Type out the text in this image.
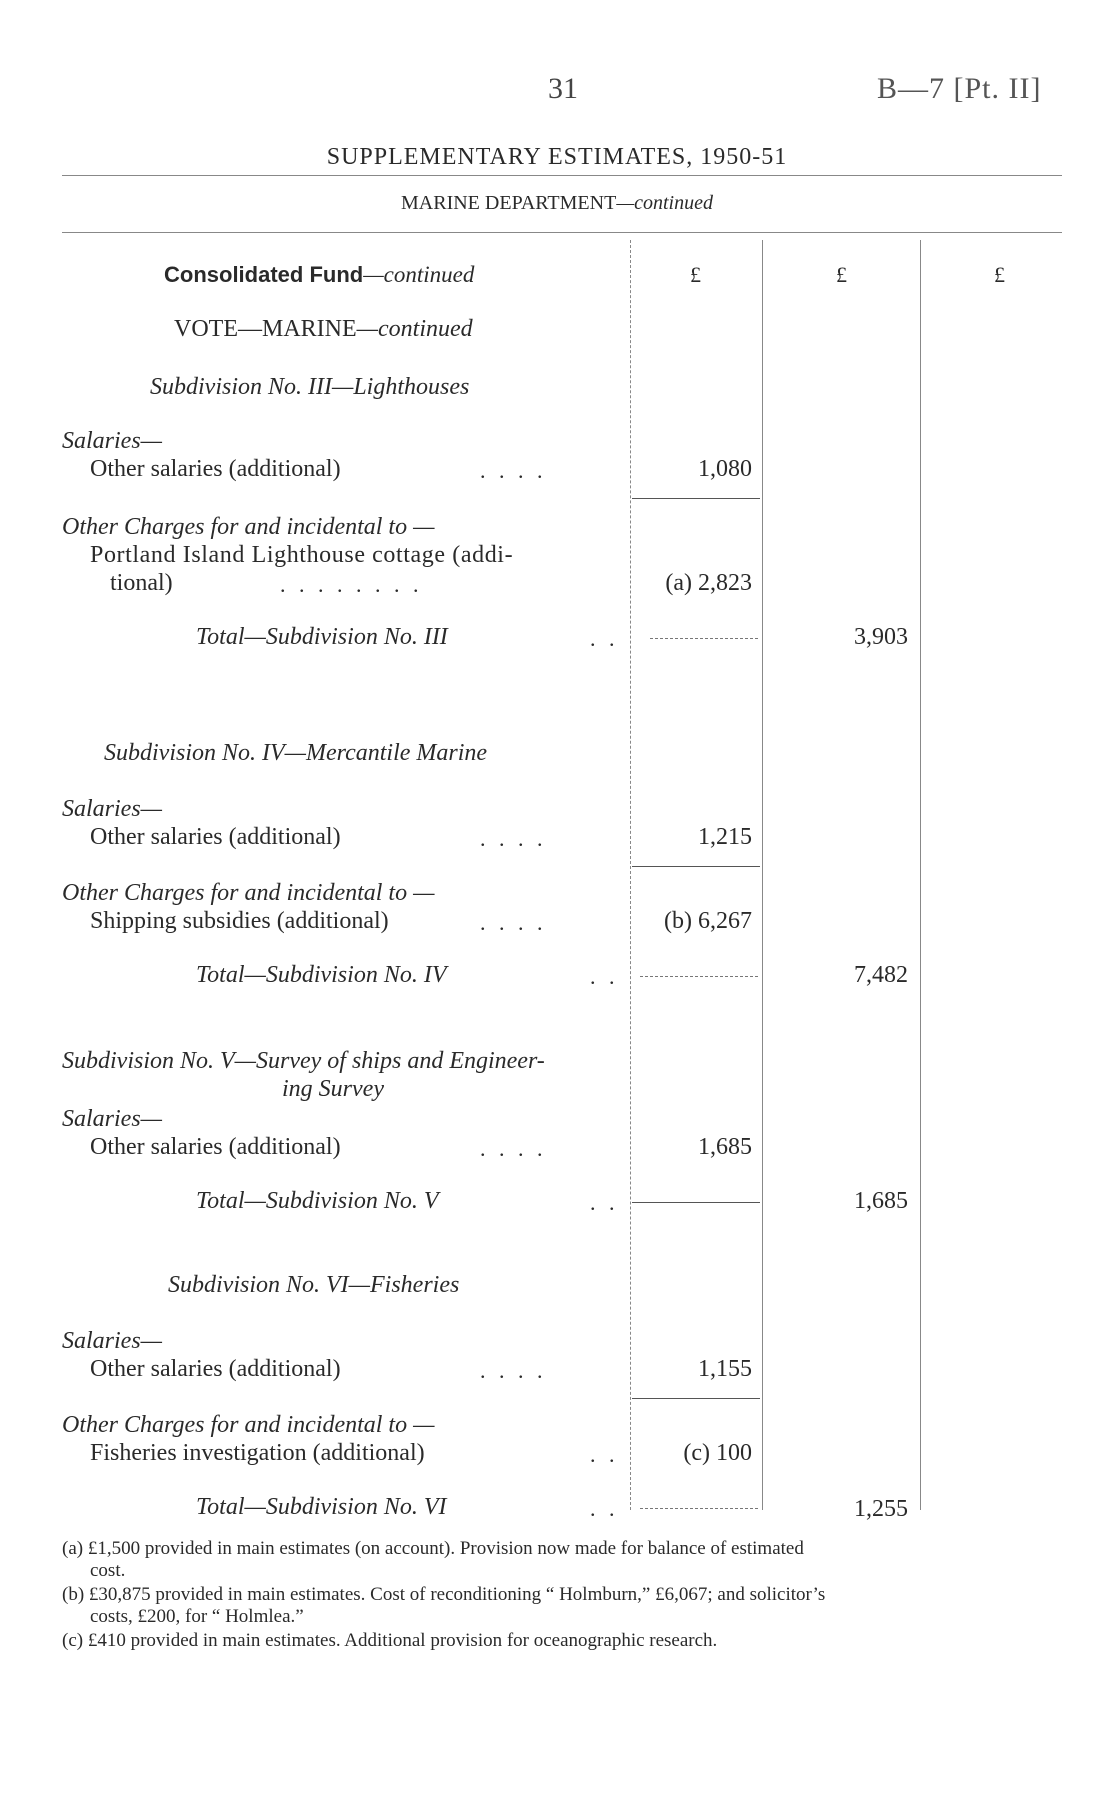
31	B—7 [Pt. II]
SUPPLEMENTARY ESTIMATES, 1950-51
MARINE DEPARTMENT—continued
£	£	£
Consolidated Fund—continued
VOTE—MARINE—continued
Subdivision No. III—Lighthouses
Salaries—
Other salaries (additional)	. . . .	1,080
Other Charges for and incidental to —
Portland Island Lighthouse cottage (addi-
tional)	. . . . . . . .	(a) 2,823
Total—Subdivision No. III	. .	3,903
Subdivision No. IV—Mercantile Marine
Salaries—
Other salaries (additional)	. . . .	1,215
Other Charges for and incidental to —
Shipping subsidies (additional)	. . . .	(b) 6,267
Total—Subdivision No. IV	. .	7,482
Subdivision No. V—Survey of ships and Engineer-
ing Survey
Salaries—
Other salaries (additional)	. . . .	1,685
Total—Subdivision No. V	. .	1,685
Subdivision No. VI—Fisheries
Salaries—
Other salaries (additional)	. . . .	1,155
Other Charges for and incidental to —
Fisheries investigation (additional)	. .	(c) 100
Total—Subdivision No. VI	. .	1,255
(a) £1,500 provided in main estimates (on account). Provision now made for balance of estimated
cost.
(b) £30,875 provided in main estimates. Cost of reconditioning “ Holmburn,” £6,067; and solicitor’s
costs, £200, for “ Holmlea.”
(c) £410 provided in main estimates. Additional provision for oceanographic research.
